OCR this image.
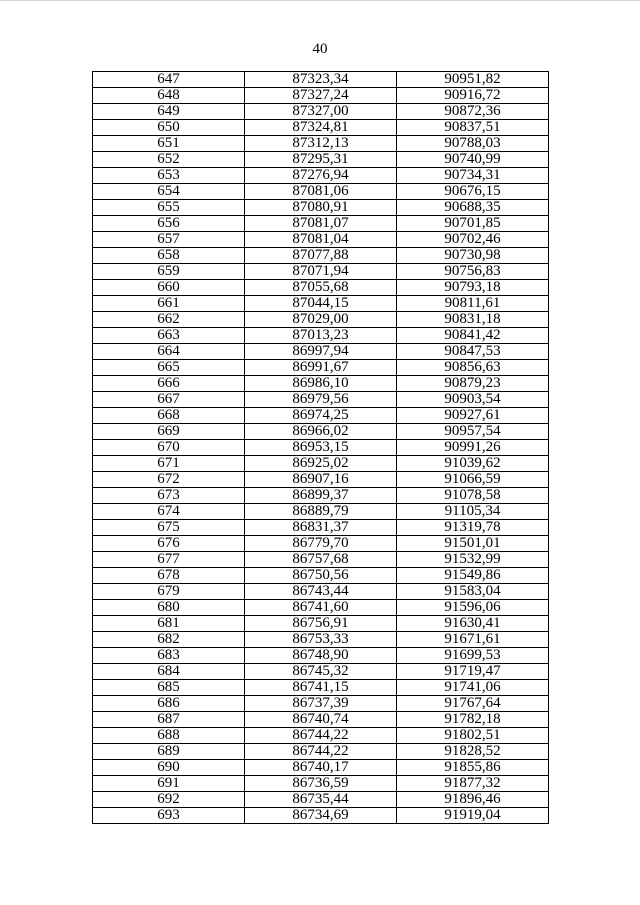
40
647	87323,34	90951,82
648	87327,24	90916,72
649	87327,00	90872,36
650	87324,81	90837,51
651	87312,13	90788,03
652	87295,31	90740,99
653	87276,94	90734,31
654	87081,06	90676,15
655	87080,91	90688,35
656	87081,07	90701,85
657	87081,04	90702,46
658	87077,88	90730,98
659	87071,94	90756,83
660	87055,68	90793,18
661	87044,15	90811,61
662	87029,00	90831,18
663	87013,23	90841,42
664	86997,94	90847,53
665	86991,67	90856,63
666	86986,10	90879,23
667	86979,56	90903,54
668	86974,25	90927,61
669	86966,02	90957,54
670	86953,15	90991,26
671	86925,02	91039,62
672	86907,16	91066,59
673	86899,37	91078,58
674	86889,79	91105,34
675	86831,37	91319,78
676	86779,70	91501,01
677	86757,68	91532,99
678	86750,56	91549,86
679	86743,44	91583,04
680	86741,60	91596,06
681	86756,91	91630,41
682	86753,33	91671,61
683	86748,90	91699,53
684	86745,32	91719,47
685	86741,15	91741,06
686	86737,39	91767,64
687	86740,74	91782,18
688	86744,22	91802,51
689	86744,22	91828,52
690	86740,17	91855,86
691	86736,59	91877,32
692	86735,44	91896,46
693	86734,69	91919,04
